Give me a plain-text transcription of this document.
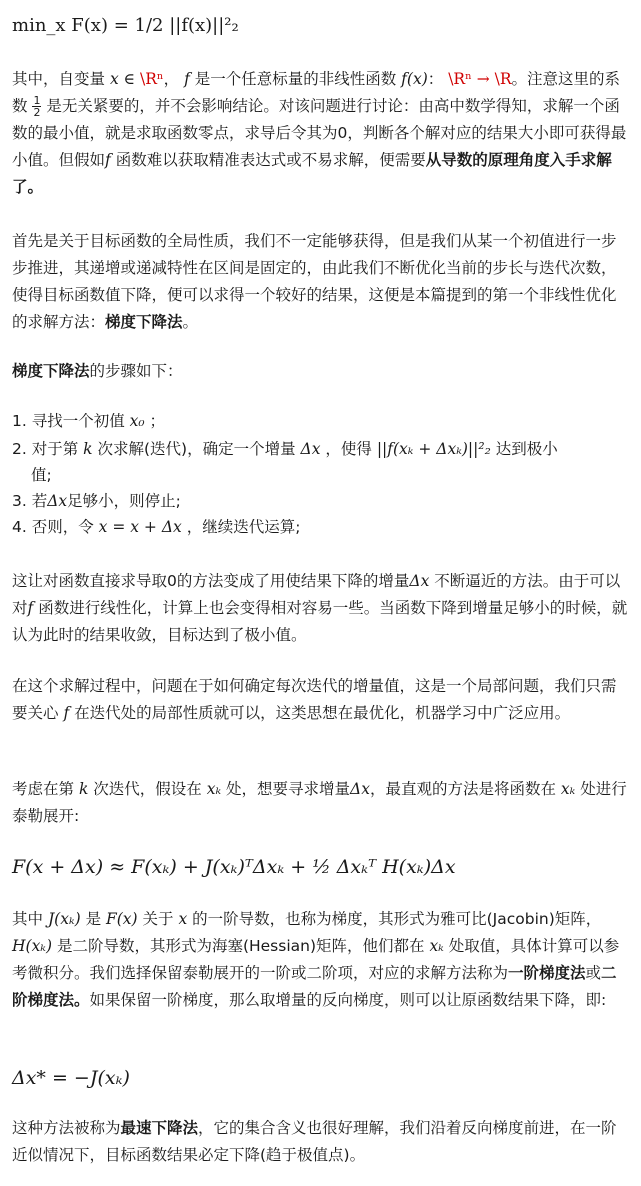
min_x F(x) = 1/2 ||f(x)||²₂

其中，自变量 x ∈ \Rⁿ， f 是一个任意标量的非线性函数 f(x)： \Rⁿ → \R。注意这里的系数 $\frac{1}{2}$ 是无关紧要的，并不会影响结论。对该问题进行讨论：由高中数学得知，求解一个函数的最小值，就是求取函数零点，求导后令其为0，判断各个解对应的结果大小即可获得最小值。但假如f 函数难以获取精准表达式或不易求解，便需要从导数的原理角度入手求解了。

首先是关于目标函数的全局性质，我们不一定能够获得，但是我们从某一个初值进行一步步推进，其递增或递减特性在区间是固定的，由此我们不断优化当前的步长与迭代次数，使得目标函数值下降，便可以求得一个较好的结果，这便是本篇提到的第一个非线性优化的求解方法：梯度下降法。

梯度下降法的步骤如下：

1. 寻找一个初值 x₀ ；
2. 对于第 k 次求解(迭代)，确定一个增量 Δx ，使得 ||f(xₖ + Δxₖ)||²₂ 达到极小
值;
3. 若Δx足够小，则停止;
4. 否则，令 x = x + Δx ，继续迭代运算;

这让对函数直接求导取0的方法变成了用使结果下降的增量Δx 不断逼近的方法。由于可以对f 函数进行线性化，计算上也会变得相对容易一些。当函数下降到增量足够小的时候，就认为此时的结果收敛，目标达到了极小值。

在这个求解过程中，问题在于如何确定每次迭代的增量值，这是一个局部问题，我们只需要关心 f 在迭代处的局部性质就可以，这类思想在最优化，机器学习中广泛应用。

考虑在第 k 次迭代，假设在 xₖ 处，想要寻求增量Δx，最直观的方法是将函数在 xₖ 处进行泰勒展开:

F(x + Δx) ≈ F(xₖ) + J(xₖ)ᵀΔxₖ + ½ Δxₖᵀ H(xₖ)Δx

其中 J(xₖ) 是 F(x) 关于 x 的一阶导数，也称为梯度，其形式为雅可比(Jacobin)矩阵， H(xₖ) 是二阶导数，其形式为海塞(Hessian)矩阵，他们都在 xₖ 处取值，具体计算可以参考微积分。我们选择保留泰勒展开的一阶或二阶项，对应的求解方法称为一阶梯度法或二阶梯度法。如果保留一阶梯度，那么取增量的反向梯度，则可以让原函数结果下降，即:

Δx* = −J(xₖ)

这种方法被称为最速下降法，它的集合含义也很好理解，我们沿着反向梯度前进，在一阶近似情况下，目标函数结果必定下降(趋于极值点)。
